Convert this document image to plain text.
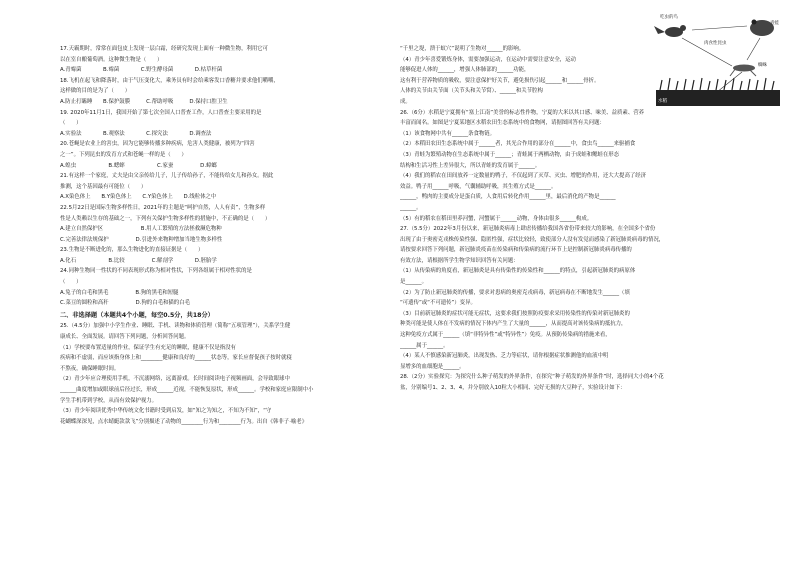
17.天霸期时，常常在面包皮上发现一层白霜，经研究发现上面有一种微生物，利用它可
以在室自酿葡萄酒。这种微生物是（　　）
A.青霉菌　　　　B.霉菌　　　　C.野生酵母菌　　　　D.枯草杆菌
18.飞机在起飞和降落时，由于气压变化大，乘务员有时会给乘客发口香糖并要求他们嚼嚼，
这样做的目的是为了（　　）
A.防止打瞌睡　　B.保护鼓膜　　　C.帮助呼吸　　　D.保持口腔卫生
19. 2020年11月1日，我国开始了第七次全国人口普查工作，人口普查主要采用的是
（　　）
A.实验法　　　　B.观察法　　　　C.探究法　　　　D.调查法
20.苍蝇是农业上的害虫，因为它能够传播多种疾病，危害人类健康，被列为“四害
之一”。下列昆虫的发育方式和苍蝇一样的是（　　）
A.蝗虫　　　　　　B.蟋蟀　　　　　　C.家蚕　　　　　D.蟑螂
21.有这样一个家庭，丈夫是由父亲传给儿子，儿子传给孙子，不能传给女儿和孙女。据此
推测，这个基因最有可能位（　　）
A.X染色体上　　B.Y染色体上　　C.Y染色体上　　D.线粒体之中
22.5月22日是国际生物多样性日，2021年的主题是“呵护自然，人人有责”，生物多样
性是人类赖以生存的基础之一，下列有关保护生物多样性的措施中，不正确的是（　　）
A.建立自然保护区　　　　　　　B.用人工繁殖的方法拯救濒危物种
C.完善法律法规保护　　　　　D.引进外来物种增加当地生物多样性
23.生物是不断进化的，那么生物进化的直接证据是（　　）
A.化石　　　　　　B.比较　　　　　C.解剖学　　　　D.胚胎学
24.同种生物同一性状的不同表现形式称为相对性状，下列各组属于相对性状的是
（　　）
A.兔子的白毛和黑毛　　　　　B.狗的黑毛和短腿
C.菜豆的圆粒和高秆　　　　　D.狗的白毛和猫的白毛
二、非选择题（本题共4个小题，每空0.5分，共18分）
25.（4.5分）加强中小学生作业、睡眠、手机、读物和体质管理（简称“五项管理”），关系学生健
康成长、全面发展。请回答下列问题，分析回答问题。
（1）学校要布置适量的作业，保证学生有充足的睡眠，健康不仅是指没有
疾病和不虚弱，而应该指身体上和________健康和良好的______状态等，家长应督促孩子按时就寝
不熬夜，确保睡眠时间。
（2）青少年应合理使用手机，不沉溺网络，远离游戏。长时间阅读电子视频画面，会导致眼球中
______曲度增加或眼球前后径过长，形成______近视，不能恢复原状，形成______。学校和家庭应限制中小
学生手机带到学校，从而有效保护视力。
（3）青少年阅读优秀中华传统文化书籍时受到启发，如“知之为知之，不知为不知”，“守
花蝴蝶深深见，点水蜻蜓款款飞”分别描述了动物的________行为和________行为。出自《韩非子·喻老》
“千里之堤，溃于蚁穴”说明了生物对______的影响。
（4）青少年喜爱锻炼身体，需要加强运动，在运动中需要注意安全，运动
能够促进人体的______，增强人体肺部的______功能，
这有利于营养物质的吸收，要注意保护好关节，避免损伤引起______和______骨折。
人体的关节由关节面（关节头和关节窝）、______和关节腔构
成。
26.（6分）水稻是宁夏拥有“塞上江南”美誉的标志性作物，宁夏的大米以其口感、味美、益质素、营养
丰富而闻名。如图是宁夏某地区水稻农田生态系统中的食物网，请据图回答有关问题：
（1）该食物网中共有______条食物链。
（2）本稻田农田生态系统中属于______者，其光合作用的部分在______中，食虫鸟______来驱捕食
（3）青蛙为繁殖动物在生态系统中属于______；青蛙属于两栖动物，由于成蛙和鳃蛙在形态
结构和生活习性上差异很大，所以青蛙的发育属于______。
（4）我们的稻农在田间放养一定数量的鸭子，不仅起到了灭草、灭虫、增肥的作用，还大大提高了经济
效益。鸭子用______呼吸，气囊辅助呼吸，其生殖方式是______。
______，鸭肉的主要成分是蛋白质，人食用后转化作用______里，最后消化的产物是______
______。
（5）有的稻农在稻田里养河蟹，河蟹属于______动物，身体由很多______构成。
27.（5.5分）2022年3月份以来，新冠肺炎病毒上肆虐传播给我国各省份带来较大的影响，在全国多个省份
出现了由于奥密克戎株传染性强、隐匿性强，症状比较轻，致使部分人没有发觉而感染了新冠肺炎病毒的情况，
请按要求回答下列问题，新冠肺炎疫苗在传染病和传染病的流行环节上是控制新冠肺炎病毒传播的
有效方法，请根据所学生物学知识回答有关问题：
（1）从传染病的角度看，新冠肺炎是具有传染性的传染性和______的特点，引起新冠肺炎的病原体
是______。
（2）为了防止新冠肺炎的传播，要求对患病的奥密克戎病毒，新冠病毒在不断地发生______（填
“可遗传”或“不可遗传”）变异。
（3）目前新冠肺炎的症状可能无症状，这要求我们按照防疫要求采用传染性的传染对新冠肺炎的
种类可能是使人体在不发病的情况下体内产生了大量的______，从而提高对该传染病的抵抗力，
这种免疫方式属于______（填“非特异性”或“特异性”）免疫。从预防传染病的措施来看，
______属于______。
（4）某人不慎感染新冠肺炎，出现发热、乏力等症状，请你根据症状推测他的血液中明
显增多的血细胞是______。
28.（2分）实验探究：为探究什么种子萌发的外界条件，在探究“种子萌发的外界条件”时，选择同大小的4个花
盆，分别编号1、2、3、4，并分别放入10粒大小相同、完好无损的大豆种子，实验设计如下：
吃虫的鸟
青蛙
肉食性昆虫
蜘蛛
水稻
